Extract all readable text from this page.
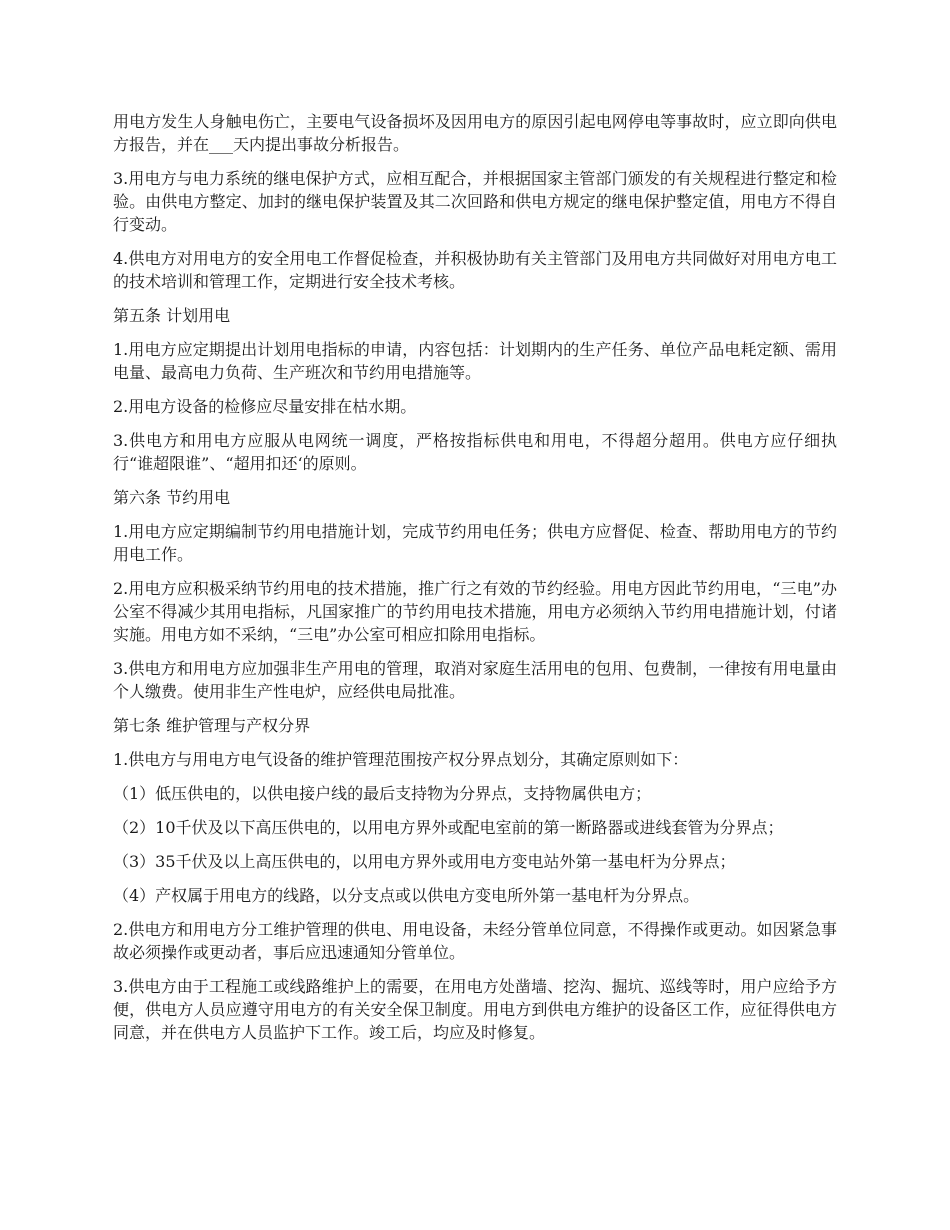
用电方发生人身触电伤亡，主要电气设备损坏及因用电方的原因引起电网停电等事故时，应立即向供电方报告，并在___天内提出事故分析报告。

3.用电方与电力系统的继电保护方式，应相互配合，并根据国家主管部门颁发的有关规程进行整定和检验。由供电方整定、加封的继电保护装置及其二次回路和供电方规定的继电保护整定值，用电方不得自行变动。

4.供电方对用电方的安全用电工作督促检查，并积极协助有关主管部门及用电方共同做好对用电方电工的技术培训和管理工作，定期进行安全技术考核。

第五条 计划用电

1.用电方应定期提出计划用电指标的申请，内容包括：计划期内的生产任务、单位产品电耗定额、需用电量、最高电力负荷、生产班次和节约用电措施等。

2.用电方设备的检修应尽量安排在枯水期。

3.供电方和用电方应服从电网统一调度，严格按指标供电和用电，不得超分超用。供电方应仔细执行“谁超限谁”、“超用扣还‘的原则。

第六条 节约用电

1.用电方应定期编制节约用电措施计划，完成节约用电任务；供电方应督促、检查、帮助用电方的节约用电工作。

2.用电方应积极采纳节约用电的技术措施，推广行之有效的节约经验。用电方因此节约用电，“三电”办公室不得减少其用电指标，凡国家推广的节约用电技术措施，用电方必须纳入节约用电措施计划，付诸实施。用电方如不采纳，“三电”办公室可相应扣除用电指标。

3.供电方和用电方应加强非生产用电的管理，取消对家庭生活用电的包用、包费制，一律按有用电量由个人缴费。使用非生产性电炉，应经供电局批准。

第七条 维护管理与产权分界

1.供电方与用电方电气设备的维护管理范围按产权分界点划分，其确定原则如下：

（1）低压供电的，以供电接户线的最后支持物为分界点，支持物属供电方；

（2）10千伏及以下高压供电的，以用电方界外或配电室前的第一断路器或进线套管为分界点；

（3）35千伏及以上高压供电的，以用电方界外或用电方变电站外第一基电杆为分界点；

（4）产权属于用电方的线路，以分支点或以供电方变电所外第一基电杆为分界点。

2.供电方和用电方分工维护管理的供电、用电设备，未经分管单位同意，不得操作或更动。如因紧急事故必须操作或更动者，事后应迅速通知分管单位。

3.供电方由于工程施工或线路维护上的需要，在用电方处凿墙、挖沟、掘坑、巡线等时，用户应给予方便，供电方人员应遵守用电方的有关安全保卫制度。用电方到供电方维护的设备区工作，应征得供电方同意，并在供电方人员监护下工作。竣工后，均应及时修复。
